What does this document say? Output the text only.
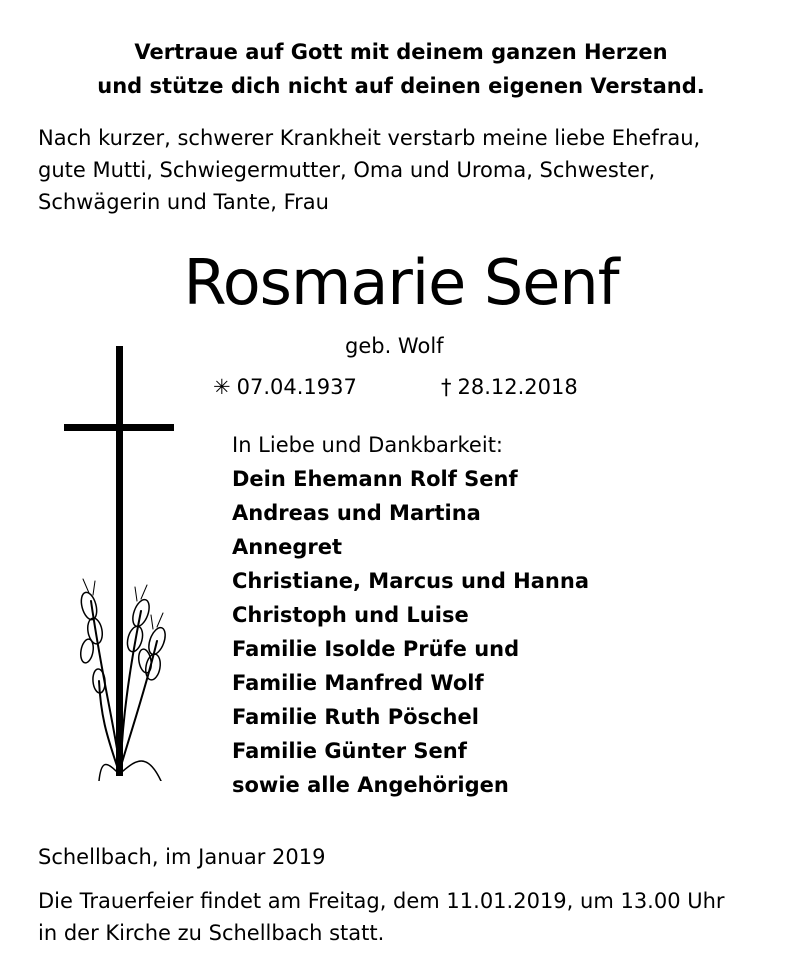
Vertraue auf Gott mit deinem ganzen Herzen
und stütze dich nicht auf deinen eigenen Verstand.
Nach kurzer, schwerer Krankheit verstarb meine liebe Ehefrau,
gute Mutti, Schwiegermutter, Oma und Uroma, Schwester,
Schwägerin und Tante, Frau
Rosmarie Senf
geb. Wolf
✳ 07.04.1937	† 28.12.2018
In Liebe und Dankbarkeit:
Dein Ehemann Rolf Senf
Andreas und Martina
Annegret
Christiane, Marcus und Hanna
Christoph und Luise
Familie Isolde Prüfe und
Familie Manfred Wolf
Familie Ruth Pöschel
Familie Günter Senf
sowie alle Angehörigen
Schellbach, im Januar 2019
Die Trauerfeier findet am Freitag, dem 11.01.2019, um 13.00 Uhr
in der Kirche zu Schellbach statt.
